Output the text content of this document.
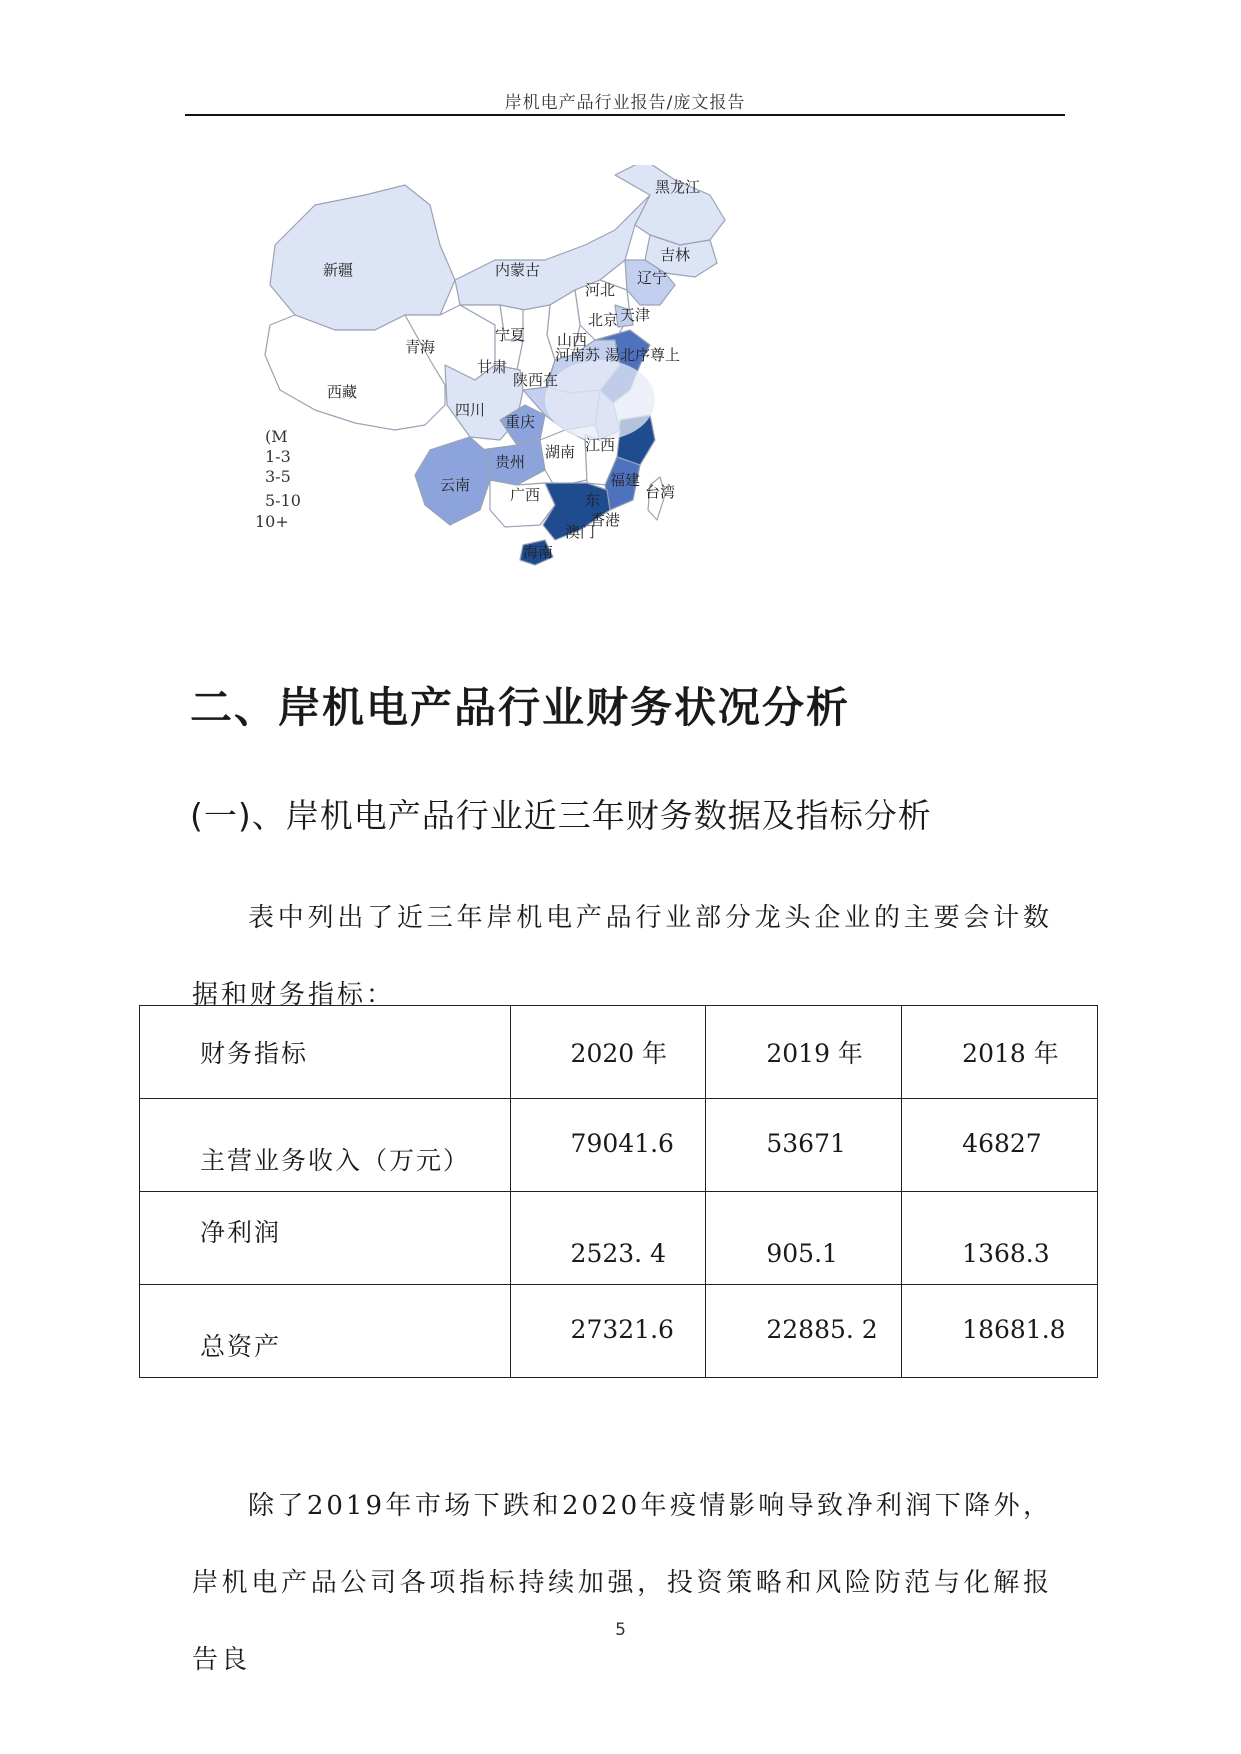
岸机电产品行业报告/庞文报告
黑龙江
吉林
辽宁
内蒙古
新疆
河北
北京 天津
宁夏 山西
青海
甘肃
河南苏 湯北序尊上
陕西在
西藏
四川
重庆
江西
贵州
湖南
云南	福建
台湾
广西	东
香港
澳门
海南
(M
1-3
3-5
5-10
10+
二、岸机电产品行业财务状况分析
(一)、岸机电产品行业近三年财务数据及指标分析
表中列出了近三年岸机电产品行业部分龙头企业的主要会计数据和财务指标：
财务指标	2020 年	2019 年	2018 年
主营业务收入（万元）	79041.6	53671	46827
净利润	2523. 4	905.1	1368.3
总资产	27321.6	22885. 2	18681.8
除了2019年市场下跌和2020年疫情影响导致净利润下降外，岸机电产品公司各项指标持续加强，投资策略和风险防范与化解报告良
5
